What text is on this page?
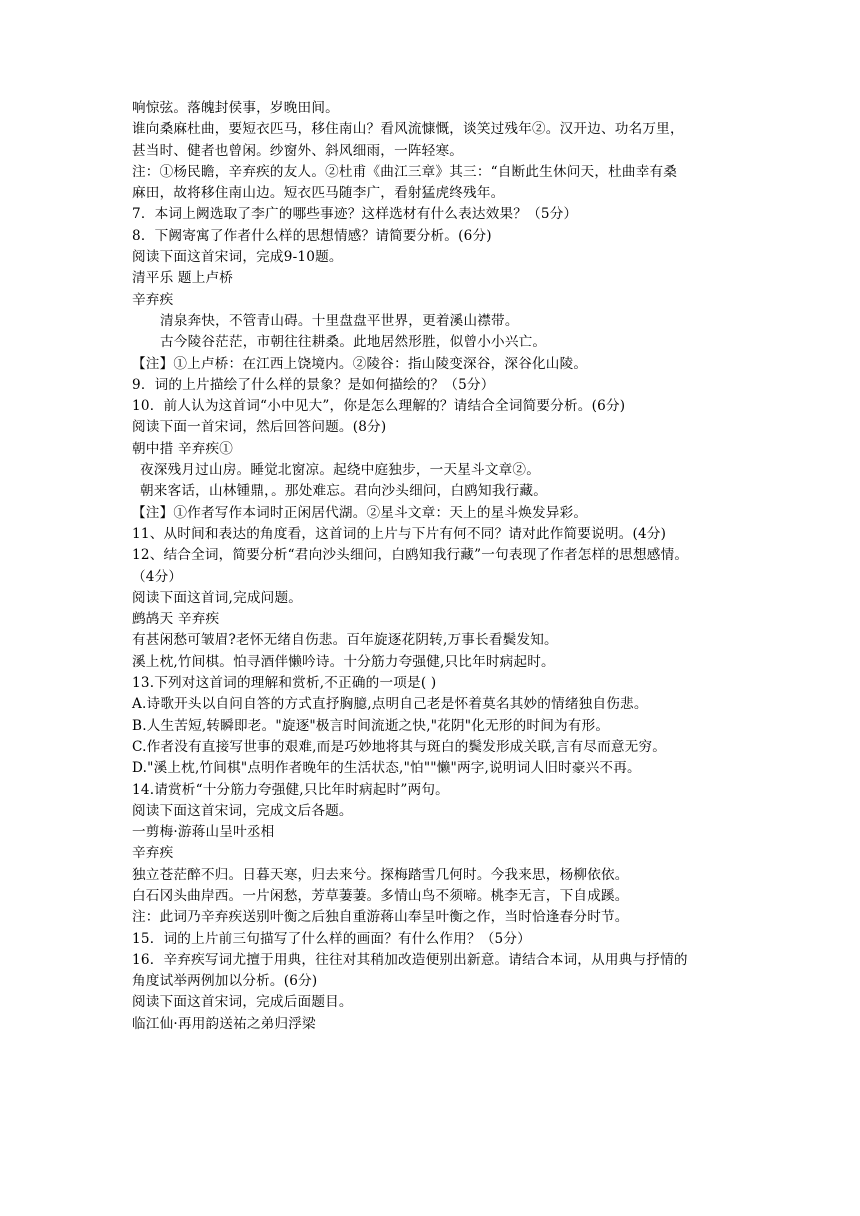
响惊弦。落魄封侯事，岁晚田间。
谁向桑麻杜曲，要短衣匹马，移住南山？看风流慷慨，谈笑过残年②。汉开边、功名万里，
甚当时、健者也曾闲。纱窗外、斜风细雨，一阵轻寒。
注：①杨民瞻，辛弃疾的友人。②杜甫《曲江三章》其三：“自断此生休问天，杜曲幸有桑
麻田，故将移住南山边。短衣匹马随李广，看射猛虎终残年。
7．本词上阙选取了李广的哪些事迹？这样选材有什么表达效果？（5分）
8．下阙寄寓了作者什么样的思想情感？请简要分析。(6分)
阅读下面这首宋词，完成9-10题。
清平乐 题上卢桥
辛弃疾
清泉奔快，不管青山碍。十里盘盘平世界，更着溪山襟带。
古今陵谷茫茫，市朝往往耕桑。此地居然形胜，似曾小小兴亡。
【注】①上卢桥：在江西上饶境内。②陵谷：指山陵变深谷，深谷化山陵。
9．词的上片描绘了什么样的景象？是如何描绘的？（5分）
10．前人认为这首词“小中见大”，你是怎么理解的？请结合全词简要分析。(6分)
阅读下面一首宋词，然后回答问题。(8分)
朝中措 辛弃疾①
夜深残月过山房。睡觉北窗凉。起绕中庭独步，一天星斗文章②。
朝来客话，山林锺鼎，。那处难忘。君向沙头细问，白鸥知我行藏。
【注】①作者写作本词时正闲居代湖。②星斗文章：天上的星斗焕发异彩。
11、从时间和表达的角度看，这首词的上片与下片有何不同？请对此作简要说明。(4分)
12、结合全词，简要分析“君向沙头细问，白鸥知我行藏”一句表现了作者怎样的思想感情。
（4分）
阅读下面这首词,完成问题。
鹧鸪天 辛弃疾
有甚闲愁可皱眉?老怀无绪自伤悲。百年旋逐花阴转,万事长看鬓发知。
溪上枕,竹间棋。怕寻酒伴懒吟诗。十分筋力夸强健,只比年时病起时。
13.下列对这首词的理解和赏析,不正确的一项是( )
A.诗歌开头以自问自答的方式直抒胸臆,点明自己老是怀着莫名其妙的情绪独自伤悲。
B.人生苦短,转瞬即老。"旋逐"极言时间流逝之快,"花阴"化无形的时间为有形。
C.作者没有直接写世事的艰难,而是巧妙地将其与斑白的鬓发形成关联,言有尽而意无穷。
D."溪上枕,竹间棋"点明作者晚年的生活状态,"怕""懒"两字,说明词人旧时豪兴不再。
14.请赏析“十分筋力夸强健,只比年时病起时”两句。
阅读下面这首宋词，完成文后各题。
一剪梅·游蒋山呈叶丞相
辛弃疾
独立苍茫醉不归。日暮天寒，归去来兮。探梅踏雪几何时。今我来思，杨柳依依。
白石冈头曲岸西。一片闲愁，芳草萋萋。多情山鸟不须啼。桃李无言，下自成蹊。
注：此词乃辛弃疾送别叶衡之后独自重游蒋山奉呈叶衡之作，当时恰逢春分时节。
15．词的上片前三句描写了什么样的画面？有什么作用？（5分）
16．辛弃疾写词尤擅于用典，往往对其稍加改造便别出新意。请结合本词，从用典与抒情的
角度试举两例加以分析。(6分)
阅读下面这首宋词，完成后面题目。
临江仙·再用韵送祐之弟归浮梁
